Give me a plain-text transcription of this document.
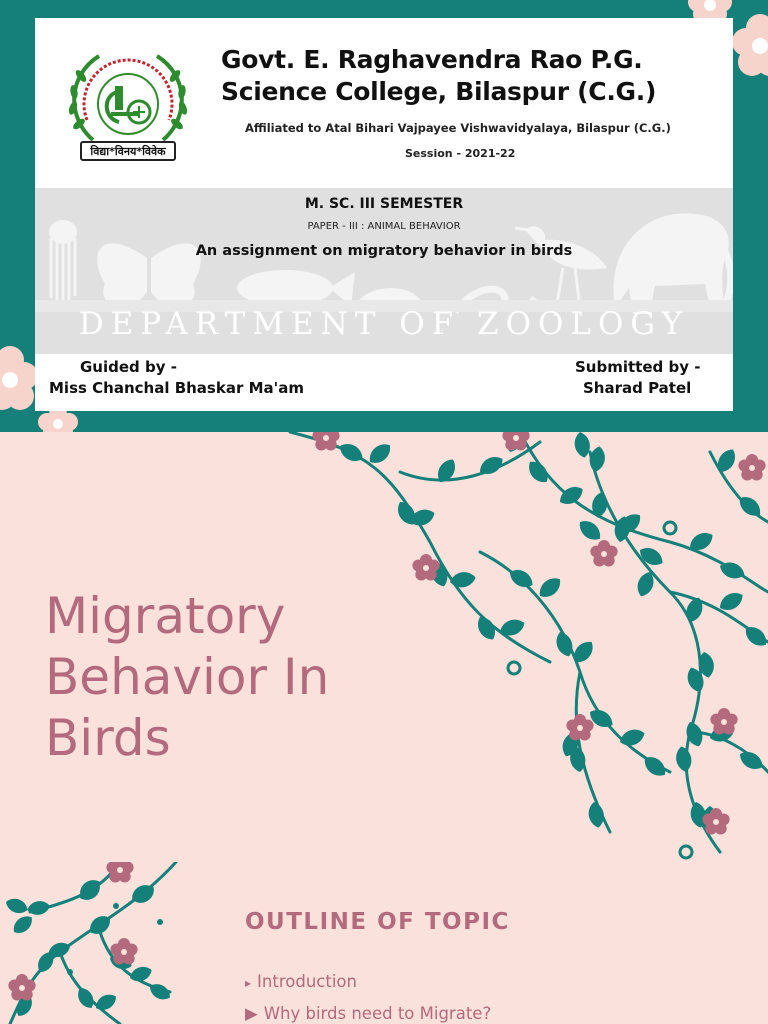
विद्या*विनय*विवेक
Govt. E. Raghavendra Rao P.G.
Science College, Bilaspur (C.G.)
Affiliated to Atal Bihari Vajpayee Vishwavidyalaya, Bilaspur (C.G.)
Session - 2021-22
M. SC. III SEMESTER
PAPER - III : ANIMAL BEHAVIOR
An assignment on migratory behavior in birds
DEPARTMENT OF ZOOLOGY
Guided by -
Miss Chanchal Bhaskar Ma'am
Submitted by -
Sharad Patel
Migratory
Behavior In
Birds
OUTLINE OF TOPIC
▸ Introduction
▶ Why birds need to Migrate?
